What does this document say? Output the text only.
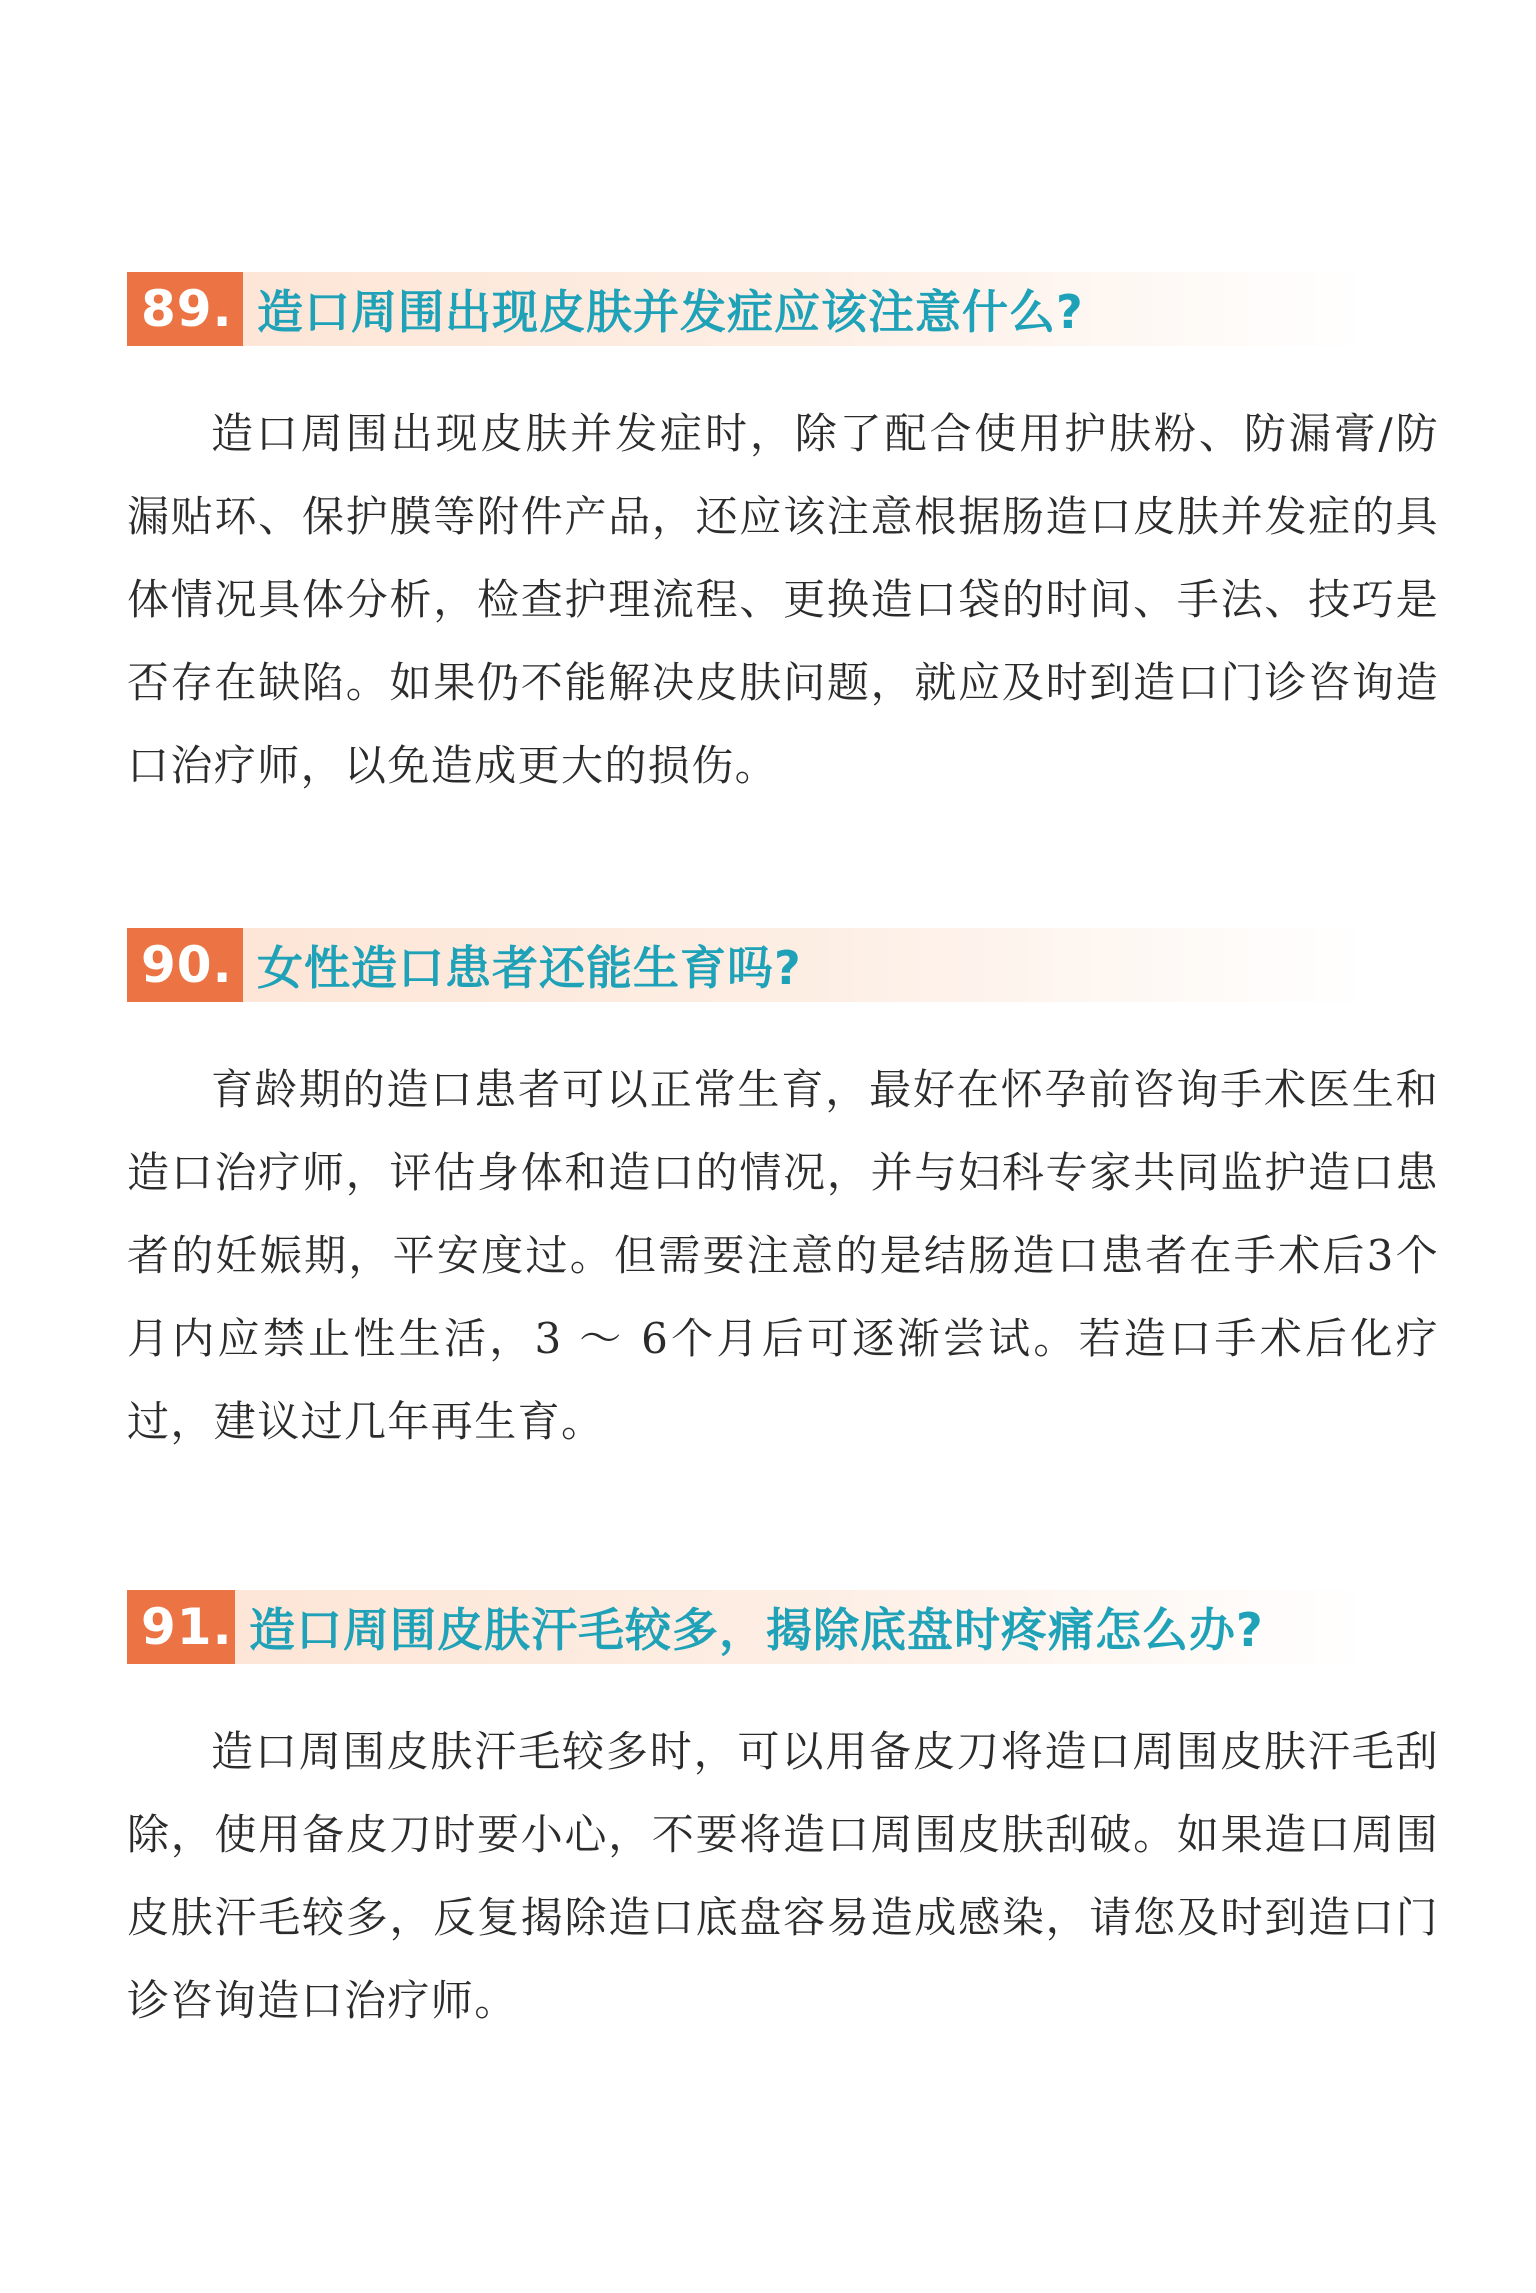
89. 造口周围出现皮肤并发症应该注意什么?

造口周围出现皮肤并发症时，除了配合使用护肤粉、防漏膏/防漏贴环、保护膜等附件产品，还应该注意根据肠造口皮肤并发症的具体情况具体分析，检查护理流程、更换造口袋的时间、手法、技巧是否存在缺陷。如果仍不能解决皮肤问题，就应及时到造口门诊咨询造口治疗师，以免造成更大的损伤。

90. 女性造口患者还能生育吗?

育龄期的造口患者可以正常生育，最好在怀孕前咨询手术医生和造口治疗师，评估身体和造口的情况，并与妇科专家共同监护造口患者的妊娠期，平安度过。但需要注意的是结肠造口患者在手术后3个月内应禁止性生活，3 ～ 6个月后可逐渐尝试。若造口手术后化疗过，建议过几年再生育。

91. 造口周围皮肤汗毛较多，揭除底盘时疼痛怎么办?

造口周围皮肤汗毛较多时，可以用备皮刀将造口周围皮肤汗毛刮除，使用备皮刀时要小心，不要将造口周围皮肤刮破。如果造口周围皮肤汗毛较多，反复揭除造口底盘容易造成感染，请您及时到造口门诊咨询造口治疗师。
